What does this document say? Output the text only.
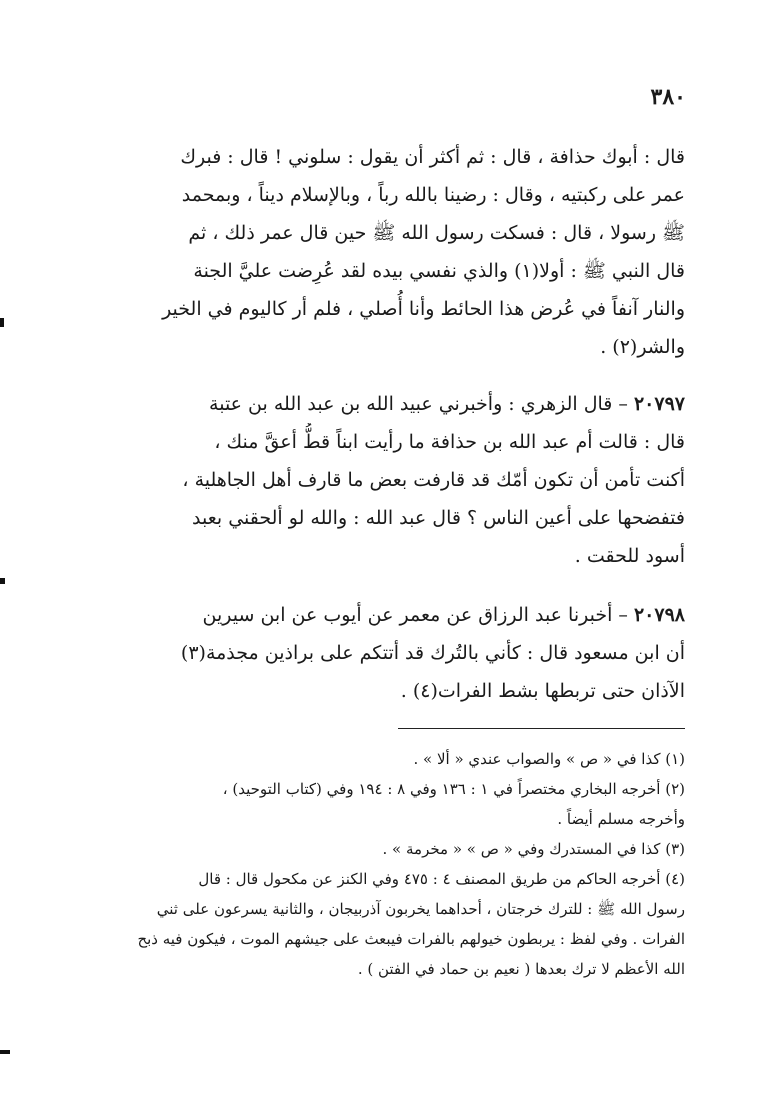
٣٨٠
قال : أبوك حذافة ، قال : ثم أكثر أن يقول : سلوني ! قال : فبرك
عمر على ركبتيه ، وقال : رضينا بالله رباً ، وبالإسلام ديناً ، وبمحمد
ﷺ رسولا ، قال : فسكت رسول الله ﷺ حين قال عمر ذلك ، ثم
قال النبي ﷺ : أولا(١) والذي نفسي بيده لقد عُرِضت عليَّ الجنة
والنار آنفاً في عُرض هذا الحائط وأنا أُصلي ، فلم أر كاليوم في الخير
والشر(٢) .
٢٠٧٩٧ – قال الزهري : وأخبرني عبيد الله بن عبد الله بن عتبة
قال : قالت أم عبد الله بن حذافة ما رأيت ابناً قطُّ أعقَّ منك ،
أكنت تأمن أن تكون أمّك قد قارفت بعض ما قارف أهل الجاهلية ،
فتفضحها على أعين الناس ؟ قال عبد الله : والله لو ألحقني بعبد
أسود للحقت .
٢٠٧٩٨ – أخبرنا عبد الرزاق عن معمر عن أيوب عن ابن سيرين
أن ابن مسعود قال : كأني بالتُرك قد أتتكم على براذين مجذمة(٣)
الآذان حتى تربطها بشط الفرات(٤) .
(١) كذا في « ص » والصواب عندي « ألا » .
(٢) أخرجه البخاري مختصراً في ١ : ١٣٦ وفي ٨ : ١٩٤ وفي (كتاب التوحيد) ،
وأخرجه مسلم أيضاً .
(٣) كذا في المستدرك وفي « ص » « مخرمة » .
(٤) أخرجه الحاكم من طريق المصنف ٤ : ٤٧٥ وفي الكنز عن مكحول قال : قال
رسول الله ﷺ : للترك خرجتان ، أحداهما يخربون آذربيجان ، والثانية يسرعون على ثني
الفرات . وفي لفظ : يربطون خيولهم بالفرات فيبعث على جيشهم الموت ، فيكون فيه ذبح
الله الأعظم لا ترك بعدها ( نعيم بن حماد في الفتن ) .
